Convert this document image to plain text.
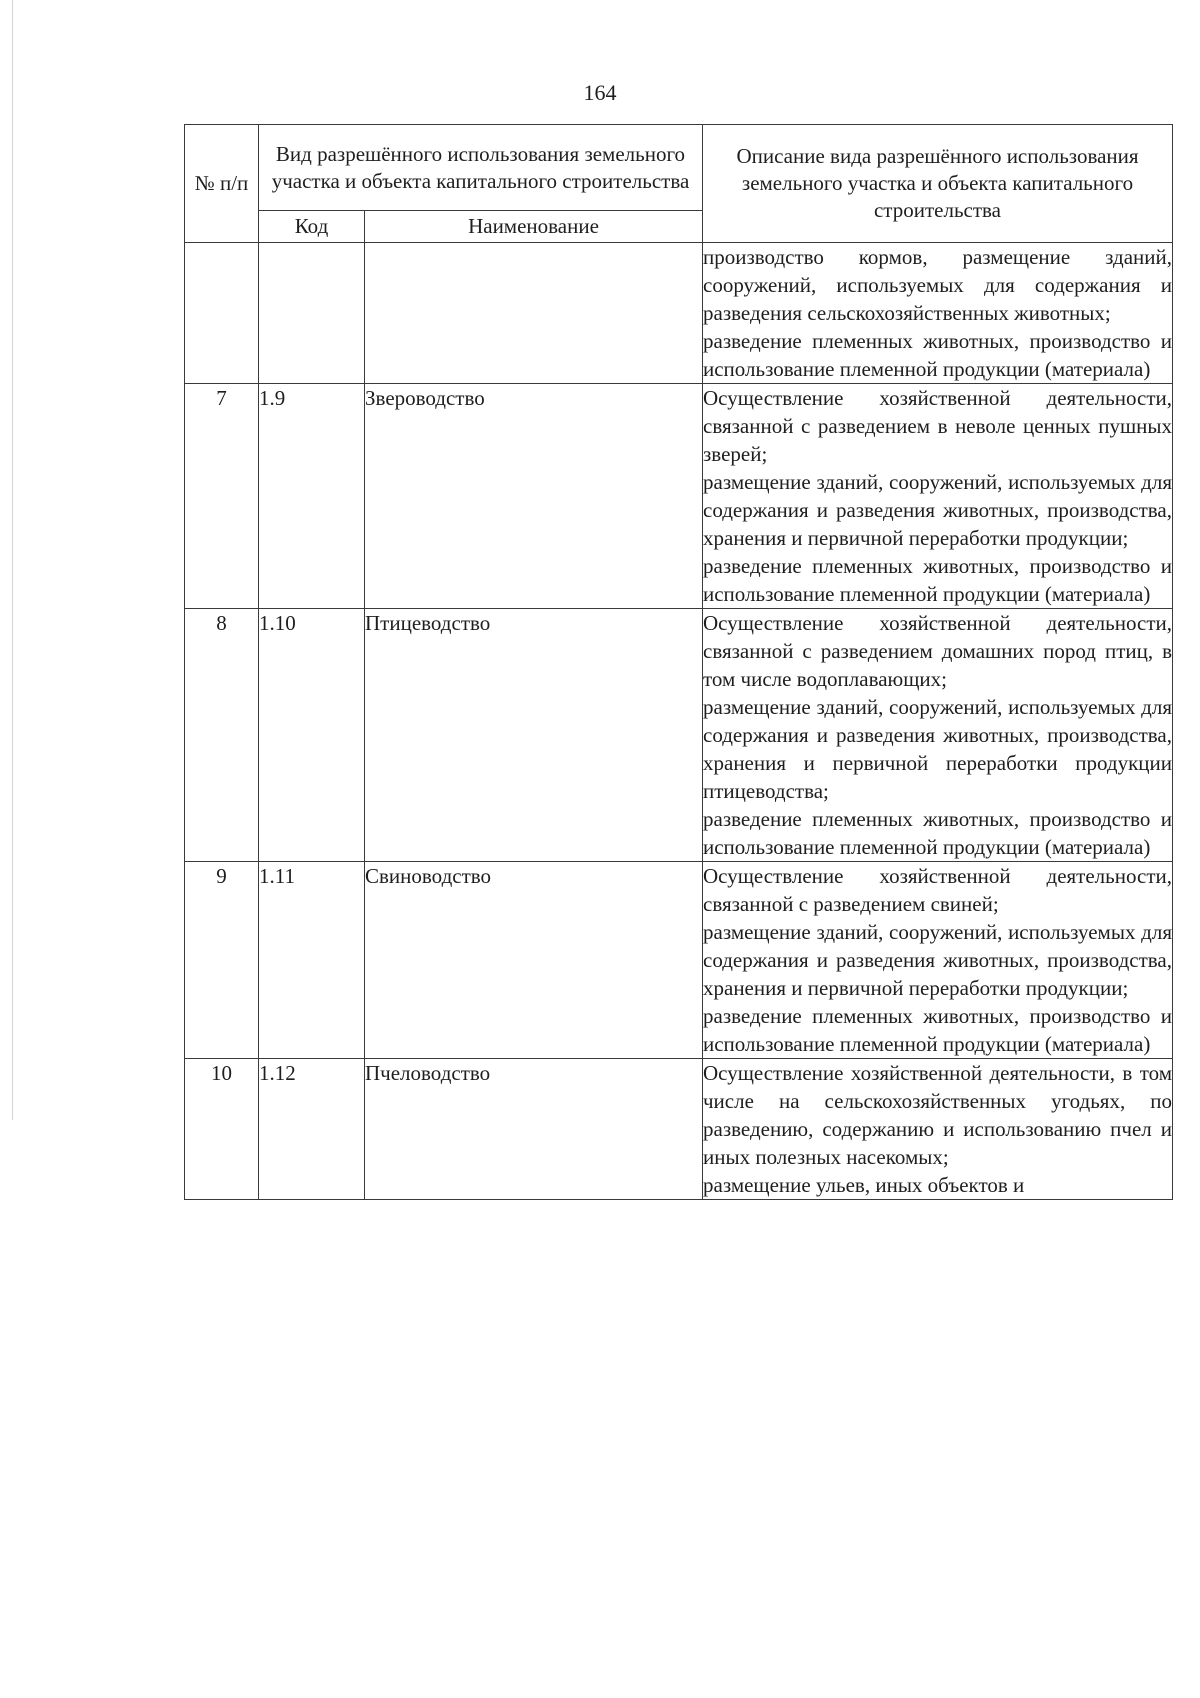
164
№ п/п	Вид разрешённого использования земельного участка и объекта капитального строительства		Описание вида разрешённого использования земельного участка и объекта капитального строительства
	Код	Наименование	

			производство кормов, размещение зданий, сооружений, используемых для содержания и разведения сельскохозяйственных животных;
разведение племенных животных, производство и использование племенной продукции (материала)

7	1.9	Звероводство	Осуществление хозяйственной деятельности, связанной с разведением в неволе ценных пушных зверей;
размещение зданий, сооружений, используемых для содержания и разведения животных, производства, хранения и первичной переработки продукции;
разведение племенных животных, производство и использование племенной продукции (материала)

8	1.10	Птицеводство	Осуществление хозяйственной деятельности, связанной с разведением домашних пород птиц, в том числе водоплавающих;
размещение зданий, сооружений, используемых для содержания и разведения животных, производства, хранения и первичной переработки продукции птицеводства;
разведение племенных животных, производство и использование племенной продукции (материала)

9	1.11	Свиноводство	Осуществление хозяйственной деятельности, связанной с разведением свиней;
размещение зданий, сооружений, используемых для содержания и разведения животных, производства, хранения и первичной переработки продукции;
разведение племенных животных, производство и использование племенной продукции (материала)

10	1.12	Пчеловодство	Осуществление хозяйственной деятельности, в том числе на сельскохозяйственных угодьях, по разведению, содержанию и использованию пчел и иных полезных насекомых;
размещение ульев, иных объектов и
